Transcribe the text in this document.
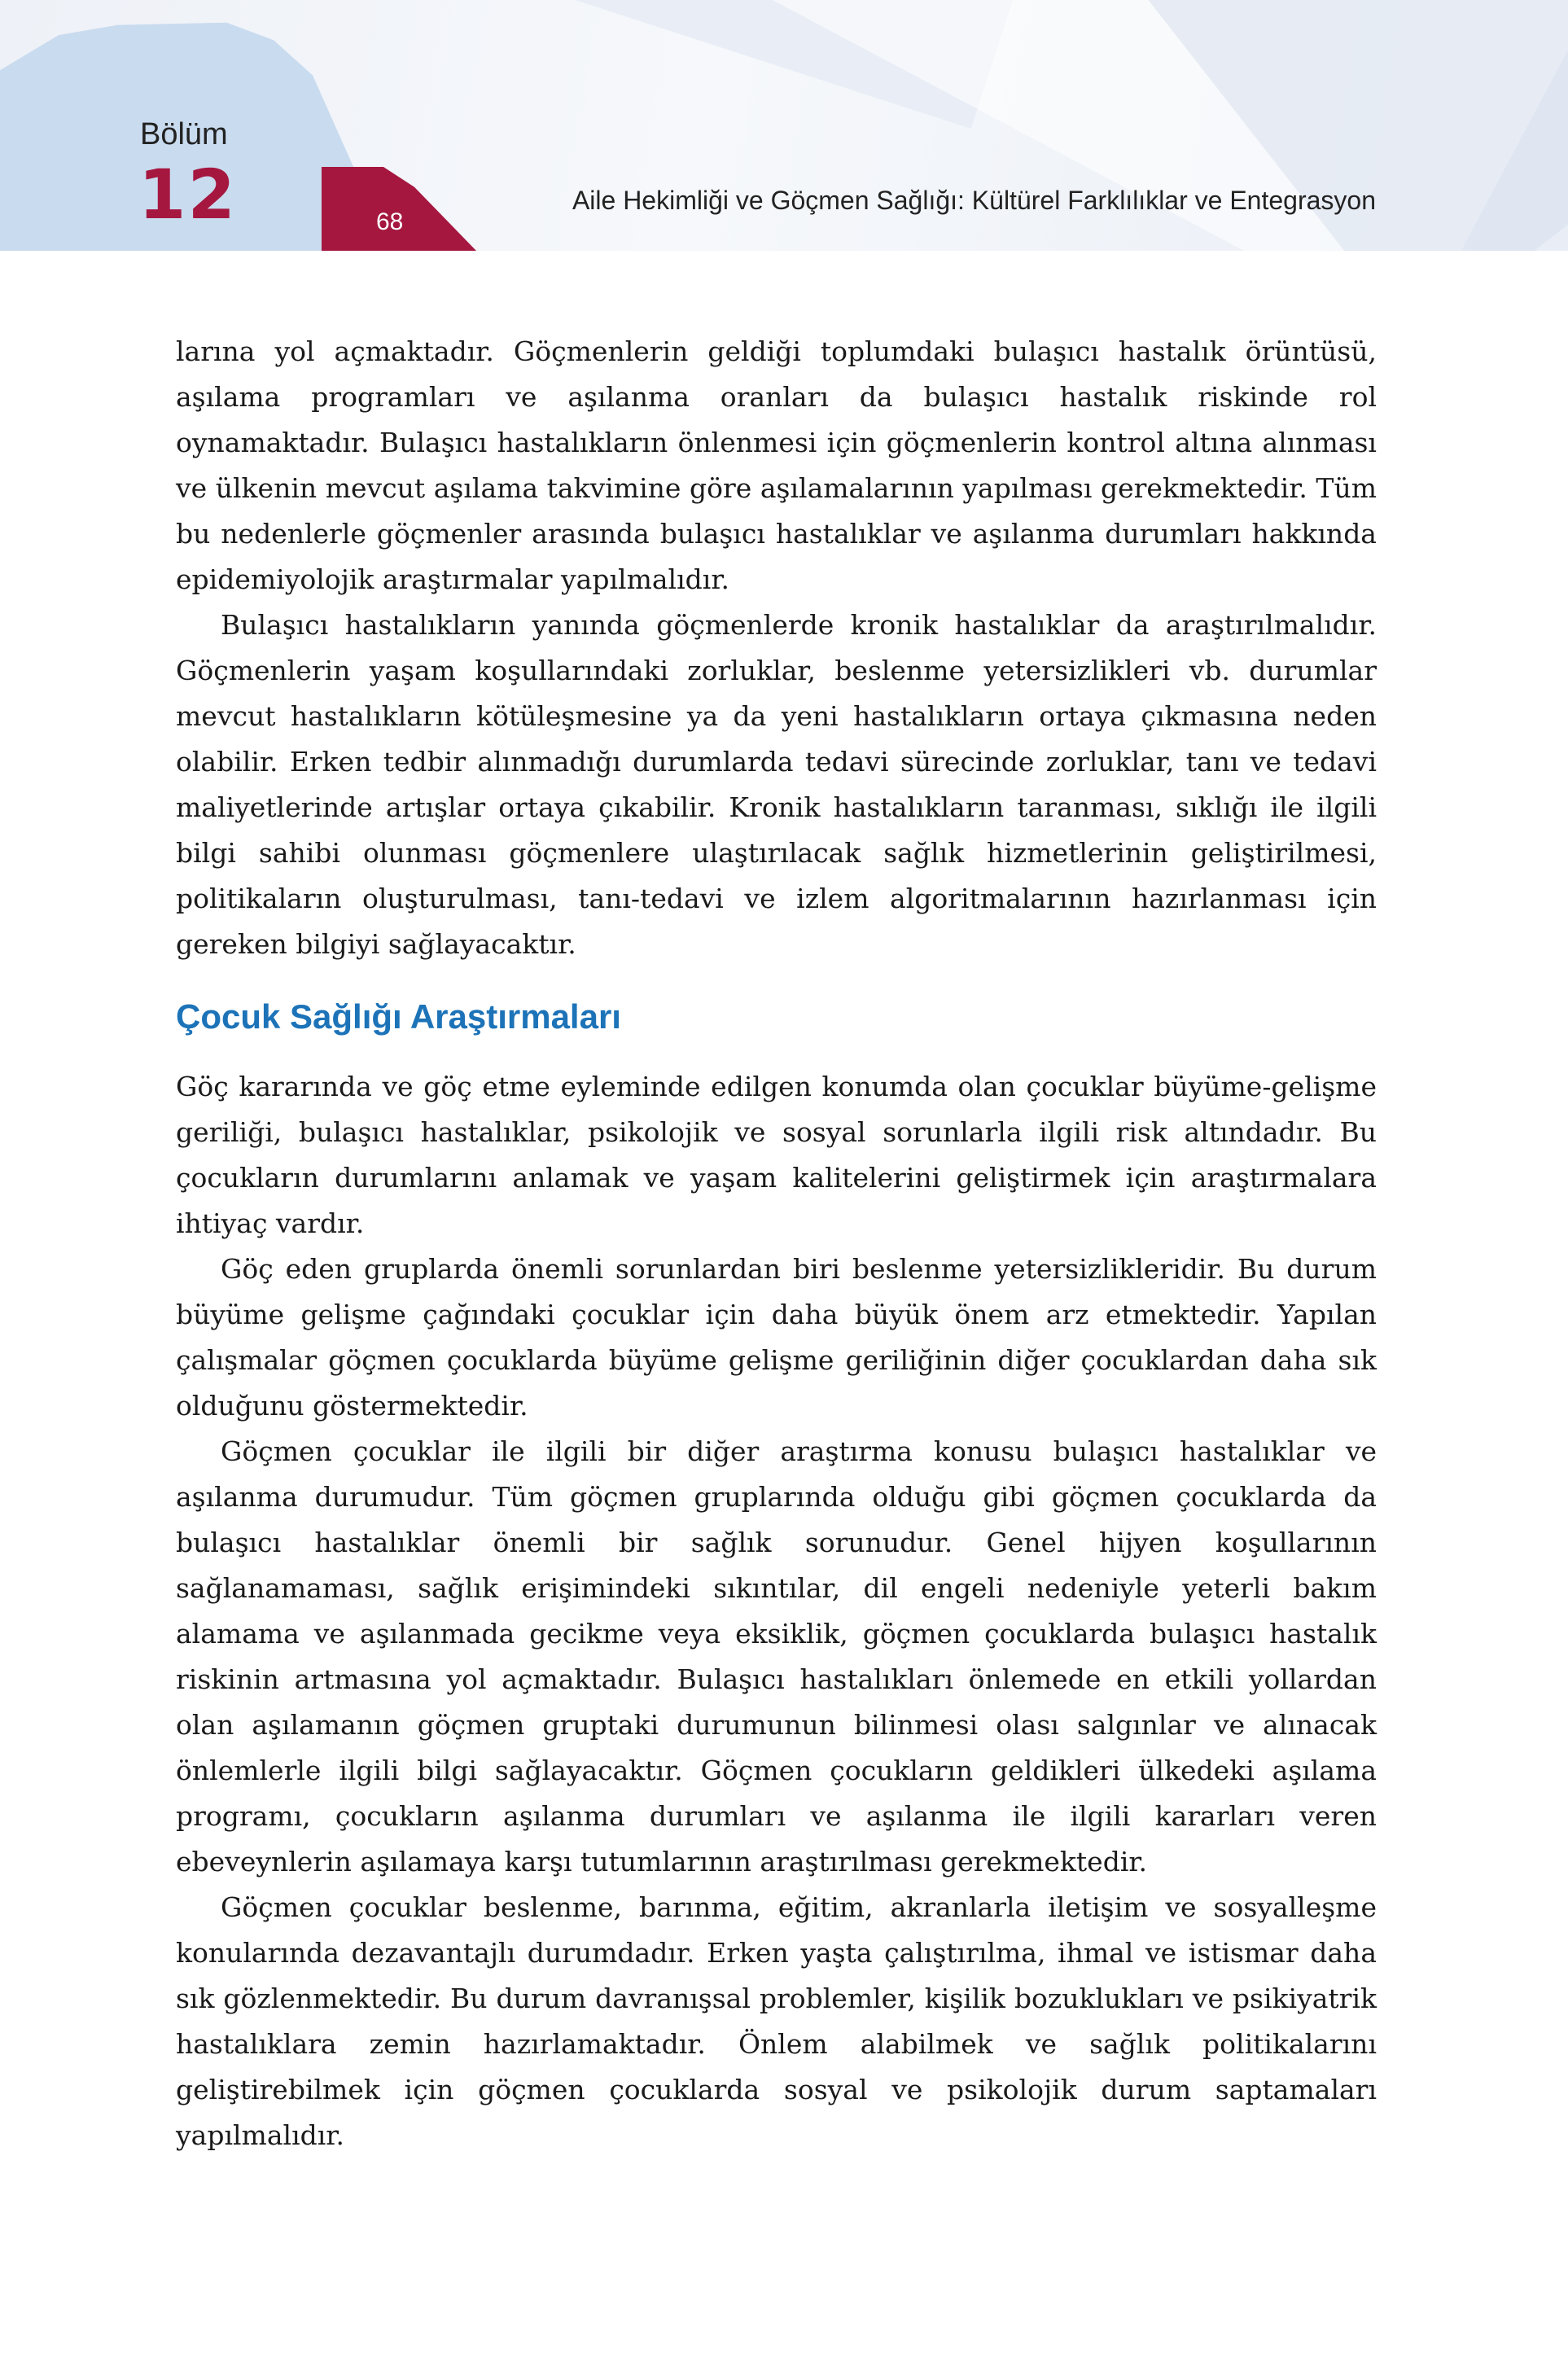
Bölüm
12	68
Aile Hekimliği ve Göçmen Sağlığı: Kültürel Farklılıklar ve Entegrasyon

larına yol açmaktadır. Göçmenlerin geldiği toplumdaki bulaşıcı hastalık örüntüsü, aşılama programları ve aşılanma oranları da bulaşıcı hastalık riskinde rol oynamaktadır. Bulaşıcı hastalıkların önlenmesi için göçmenlerin kontrol altına alınması ve ülkenin mevcut aşılama takvimine göre aşılamalarının yapılması gerekmektedir. Tüm bu nedenlerle göçmenler arasında bulaşıcı hastalıklar ve aşılanma durumları hakkında epidemiyolojik araştırmalar yapılmalıdır.

Bulaşıcı hastalıkların yanında göçmenlerde kronik hastalıklar da araştırılmalıdır. Göçmenlerin yaşam koşullarındaki zorluklar, beslenme yetersizlikleri vb. durumlar mevcut hastalıkların kötüleşmesine ya da yeni hastalıkların ortaya çıkmasına neden olabilir. Erken tedbir alınmadığı durumlarda tedavi sürecinde zorluklar, tanı ve tedavi maliyetlerinde artışlar ortaya çıkabilir. Kronik hastalıkların taranması, sıklığı ile ilgili bilgi sahibi olunması göçmenlere ulaştırılacak sağlık hizmetlerinin geliştirilmesi, politikaların oluşturulması, tanı-tedavi ve izlem algoritmalarının hazırlanması için gereken bilgiyi sağlayacaktır.

Çocuk Sağlığı Araştırmaları

Göç kararında ve göç etme eyleminde edilgen konumda olan çocuklar büyüme-gelişme geriliği, bulaşıcı hastalıklar, psikolojik ve sosyal sorunlarla ilgili risk altındadır. Bu çocukların durumlarını anlamak ve yaşam kalitelerini geliştirmek için araştırmalara ihtiyaç vardır.

Göç eden gruplarda önemli sorunlardan biri beslenme yetersizlikleridir. Bu durum büyüme gelişme çağındaki çocuklar için daha büyük önem arz etmektedir. Yapılan çalışmalar göçmen çocuklarda büyüme gelişme geriliğinin diğer çocuklardan daha sık olduğunu göstermektedir.

Göçmen çocuklar ile ilgili bir diğer araştırma konusu bulaşıcı hastalıklar ve aşılanma durumudur. Tüm göçmen gruplarında olduğu gibi göçmen çocuklarda da bulaşıcı hastalıklar önemli bir sağlık sorunudur. Genel hijyen koşullarının sağlanamaması, sağlık erişimindeki sıkıntılar, dil engeli nedeniyle yeterli bakım alamama ve aşılanmada gecikme veya eksiklik, göçmen çocuklarda bulaşıcı hastalık riskinin artmasına yol açmaktadır. Bulaşıcı hastalıkları önlemede en etkili yollardan olan aşılamanın göçmen gruptaki durumunun bilinmesi olası salgınlar ve alınacak önlemlerle ilgili bilgi sağlayacaktır. Göçmen çocukların geldikleri ülkedeki aşılama programı, çocukların aşılanma durumları ve aşılanma ile ilgili kararları veren ebeveynlerin aşılamaya karşı tutumlarının araştırılması gerekmektedir.

Göçmen çocuklar beslenme, barınma, eğitim, akranlarla iletişim ve sosyalleşme konularında dezavantajlı durumdadır. Erken yaşta çalıştırılma, ihmal ve istismar daha sık gözlenmektedir. Bu durum davranışsal problemler, kişilik bozuklukları ve psikiyatrik hastalıklara zemin hazırlamaktadır. Önlem alabilmek ve sağlık politikalarını geliştirebilmek için göçmen çocuklarda sosyal ve psikolojik durum saptamaları yapılmalıdır.
